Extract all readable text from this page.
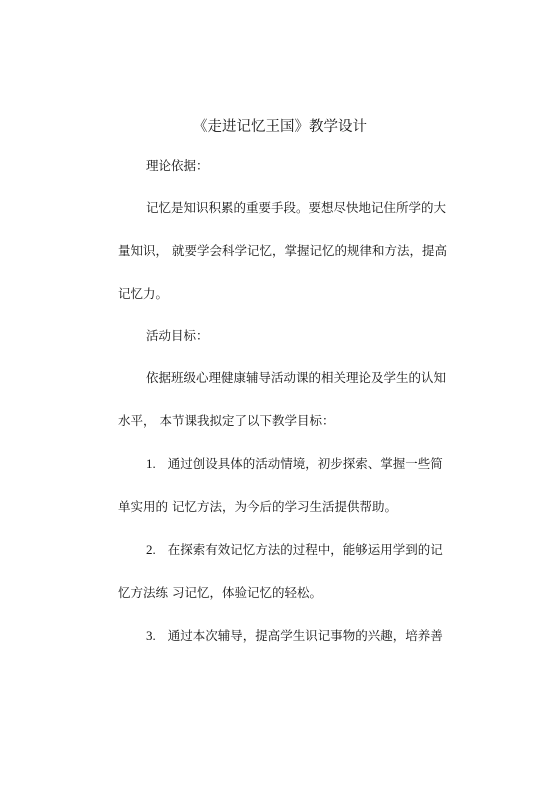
《走进记忆王国》教学设计
理论依据：
记忆是知识积累的重要手段。要想尽快地记住所学的大
量知识， 就要学会科学记忆，掌握记忆的规律和方法，提高
记忆力。
活动目标：
依据班级心理健康辅导活动课的相关理论及学生的认知
水平， 本节课我拟定了以下教学目标：
1. 通过创设具体的活动情境，初步探索、掌握一些简
单实用的 记忆方法，为今后的学习生活提供帮助。
2. 在探索有效记忆方法的过程中，能够运用学到的记
忆方法练 习记忆，体验记忆的轻松。
3. 通过本次辅导，提高学生识记事物的兴趣，培养善
